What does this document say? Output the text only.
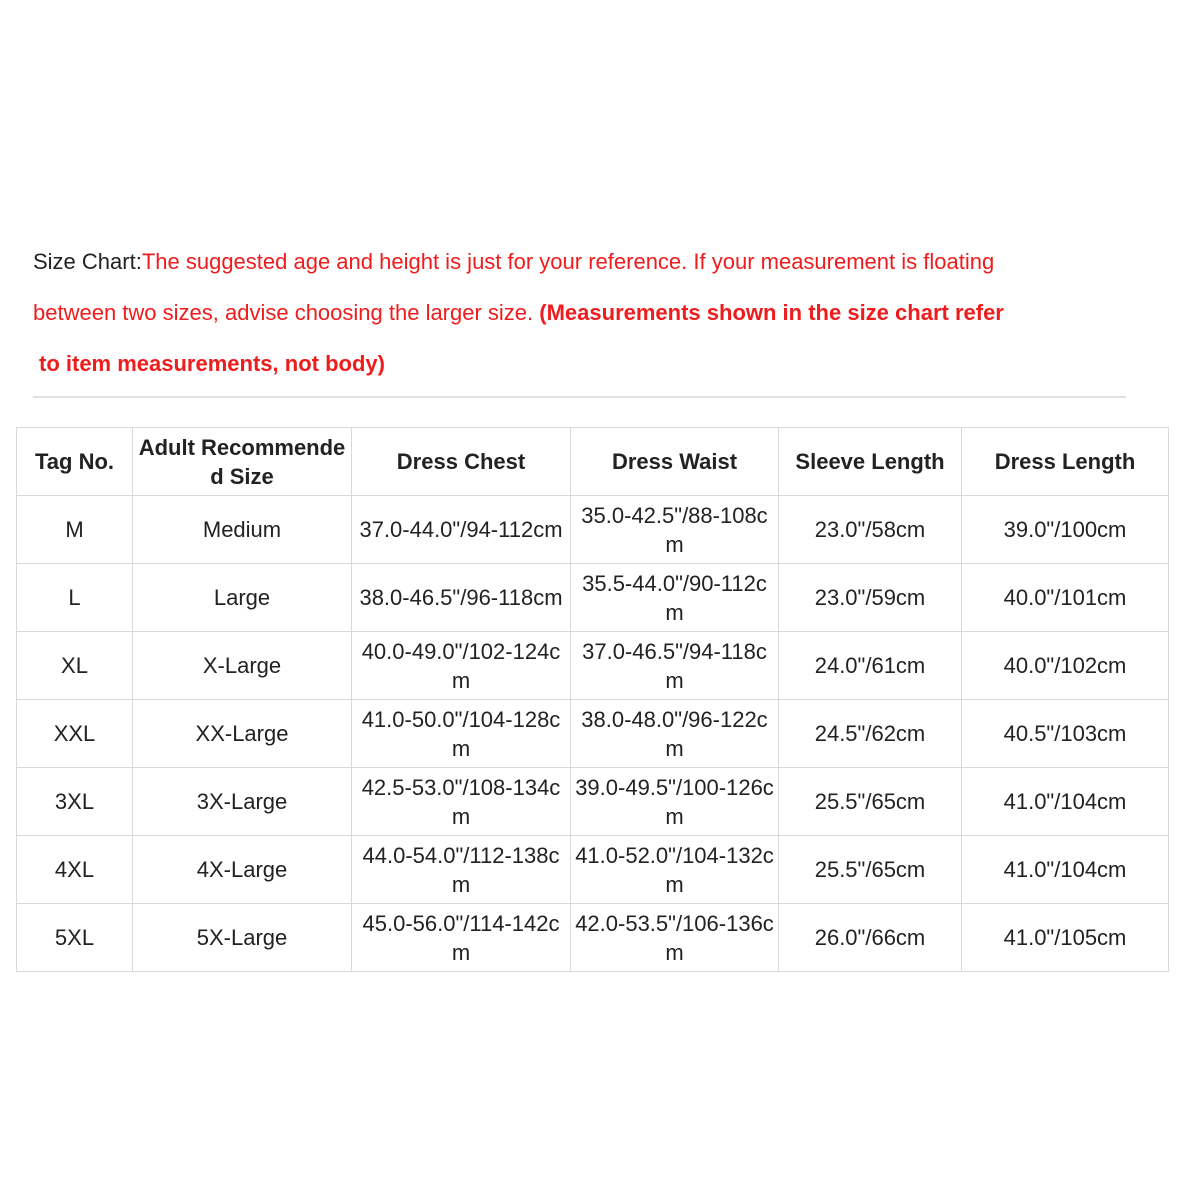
Size Chart:The suggested age and height is just for your reference. If your measurement is floating
between two sizes, advise choosing the larger size. (Measurements shown in the size chart refer
to item measurements, not body)
Tag No.	Adult Recommended Size	Dress Chest	Dress Waist	Sleeve Length	Dress Length
M	Medium	37.0-44.0"/94-112cm	35.0-42.5"/88-108cm	23.0"/58cm	39.0"/100cm
L	Large	38.0-46.5"/96-118cm	35.5-44.0"/90-112cm	23.0"/59cm	40.0"/101cm
XL	X-Large	40.0-49.0"/102-124cm	37.0-46.5"/94-118cm	24.0"/61cm	40.0"/102cm
XXL	XX-Large	41.0-50.0"/104-128cm	38.0-48.0"/96-122cm	24.5"/62cm	40.5"/103cm
3XL	3X-Large	42.5-53.0"/108-134cm	39.0-49.5"/100-126cm	25.5"/65cm	41.0"/104cm
4XL	4X-Large	44.0-54.0"/112-138cm	41.0-52.0"/104-132cm	25.5"/65cm	41.0"/104cm
5XL	5X-Large	45.0-56.0"/114-142cm	42.0-53.5"/106-136cm	26.0"/66cm	41.0"/105cm
